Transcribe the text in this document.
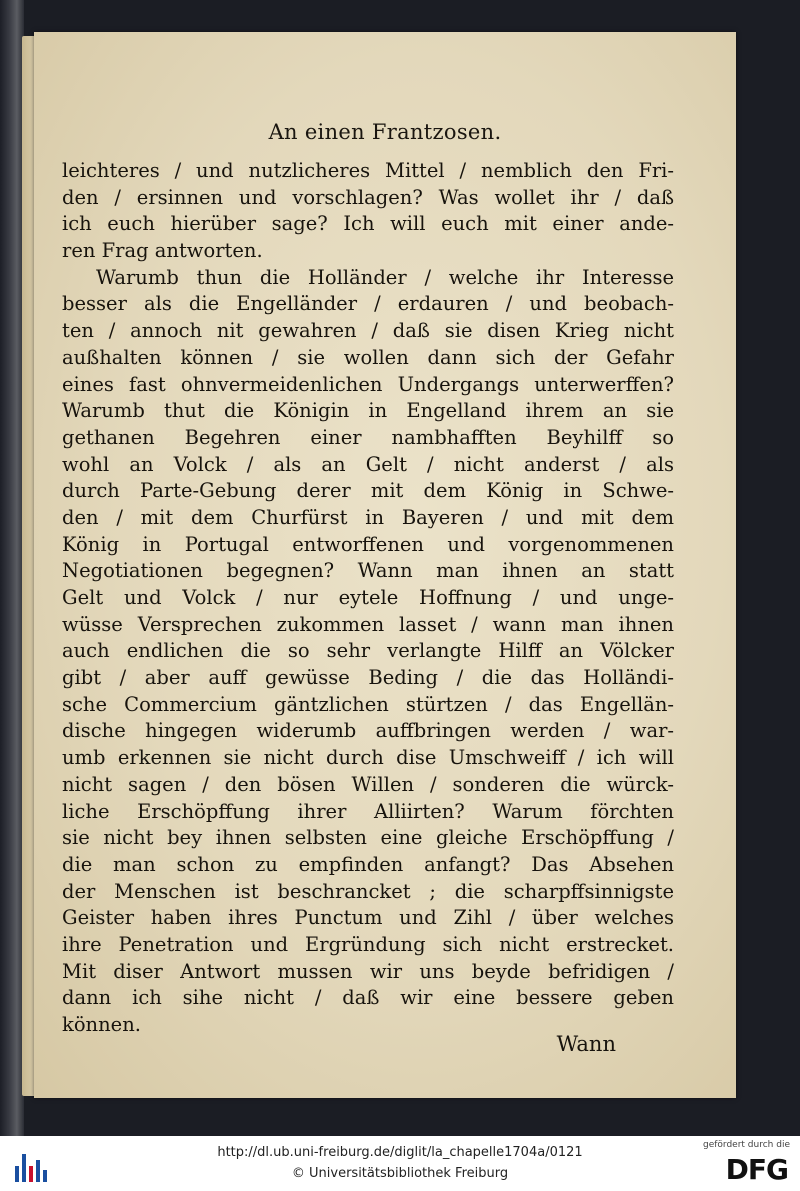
An einen Frantzosen.
leichteres / und nutzlicheres Mittel / nemblich den Fri-
den / ersinnen und vorschlagen? Was wollet ihr / daß
ich euch hierüber sage? Ich will euch mit einer ande-
ren Frag antworten.
Warumb thun die Holländer / welche ihr Interesse
besser als die Engelländer / erdauren / und beobach-
ten / annoch nit gewahren / daß sie disen Krieg nicht
außhalten können / sie wollen dann sich der Gefahr
eines fast ohnvermeidenlichen Undergangs unterwerffen?
Warumb thut die Königin in Engelland ihrem an sie
gethanen Begehren einer nambhafften Beyhilff so
wohl an Volck / als an Gelt / nicht anderst / als
durch Parte-Gebung derer mit dem König in Schwe-
den / mit dem Churfürst in Bayeren / und mit dem
König in Portugal entworffenen und vorgenommenen
Negotiationen begegnen? Wann man ihnen an statt
Gelt und Volck / nur eytele Hoffnung / und unge-
wüsse Versprechen zukommen lasset / wann man ihnen
auch endlichen die so sehr verlangte Hilff an Völcker
gibt / aber auff gewüsse Beding / die das Holländi-
sche Commercium gäntzlichen stürtzen / das Engellän-
dische hingegen widerumb auffbringen werden / war-
umb erkennen sie nicht durch dise Umschweiff / ich will
nicht sagen / den bösen Willen / sonderen die würck-
liche Erschöpffung ihrer Alliirten? Warum förchten
sie nicht bey ihnen selbsten eine gleiche Erschöpffung /
die man schon zu empfinden anfangt? Das Absehen
der Menschen ist beschrancket ; die scharpffsinnigste
Geister haben ihres Punctum und Zihl / über welches
ihre Penetration und Ergründung sich nicht erstrecket.
Mit diser Antwort mussen wir uns beyde befridigen /
dann ich sihe nicht / daß wir eine bessere geben
können.
Wann
http://dl.ub.uni-freiburg.de/diglit/la_chapelle1704a/0121
© Universitätsbibliothek Freiburg
gefördert durch die
DFG
